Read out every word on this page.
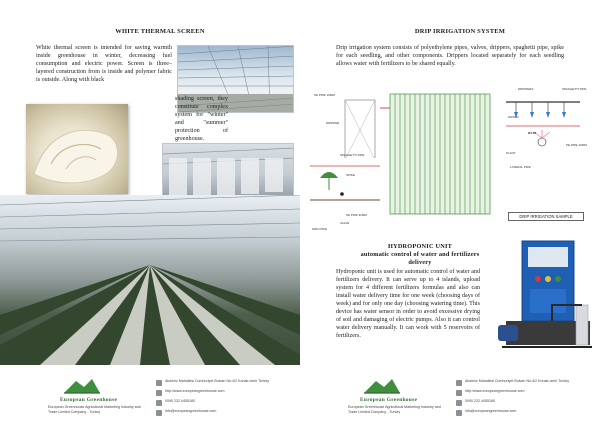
WHITE THERMAL SCREEN
White thermal screen is intended for saving warmth inside greenhouse in winter, decreasing fuel consumption and electric power. Screen is three–layered construction from is inside and polymer fabric is outside. Along with black
shading screen, they constitute complex system for "winter" and "summer" protection of greenhouse.
European Greenhouse
European Greenhouse Agricultural Marketing Industry and Trade Limited Company - Turkey
Akdeniz Mahallesi Cumhuriyet Bulvarı No:4/2 Konak-Izmir Turkey
http://www.europeangreenhouse.com
0090 232 4455180
info@europeangreenhouse.com
DRIP IRRIGATION SYSTEM
Drip irrigation system consists of polyethylene pipes, valves, drippers, spaghetti pipe, spike for each seedling, and other components. Drippers located separately for each seedling allows water with fertilizers to be shared equally.
PE PIPE 16MM
DRIPPER
SPAGHETTI PIPE
SPIKE
PE PIPE 32MM
VALVE
MAIN PIPE
Ø4.56
SPAGHETTI PIPE
DRIPPERS
LATERAL PIPE
PE PIPE 16MM
PLANT
WATER
DRIP IRRIGATION SAMPLE
HYDROPONIC UNIT
automatic control of water and fertilizers delivery
Hydroponic unit is used for automatic control of water and fertilizers delivery. It can serve up to 4 islands, upload system for 4 different fertilizers formulas and also can install water delivery time for one week (choosing days of week) and for only one day (choosing watering time). This device has water sensor in order to avoid excessive drying of soil and damaging of electric pumps. Also it can control water delivery manually. It can work with 5 reservoirs of fertilizers.
European Greenhouse
European Greenhouse Agricultural Marketing Industry and Trade Limited Company - Turkey
Akdeniz Mahallesi Cumhuriyet Bulvarı No:4/2 Konak-Izmir Turkey
http://www.europeangreenhouse.com
0090 232 4455180
info@europeangreenhouse.com
